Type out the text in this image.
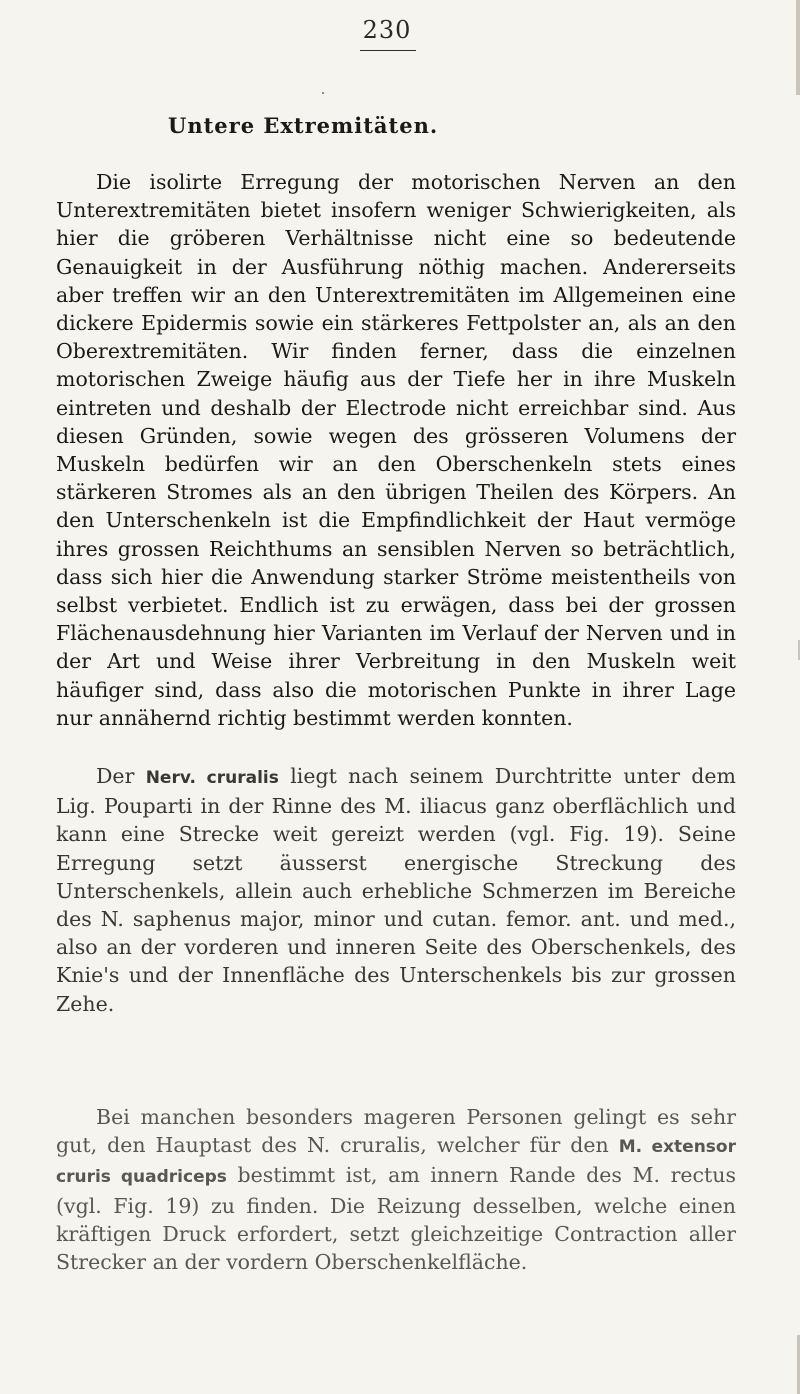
230
Untere Extremitäten.

Die isolirte Erregung der motorischen Nerven an den Unterextremitäten bietet insofern weniger Schwierigkeiten, als hier die gröberen Verhältnisse nicht eine so bedeutende Genauigkeit in der Ausführung nöthig machen. Andererseits aber treffen wir an den Unterextremitäten im Allgemeinen eine dickere Epidermis sowie ein stärkeres Fettpolster an, als an den Oberextremitäten. Wir finden ferner, dass die einzelnen motorischen Zweige häufig aus der Tiefe her in ihre Muskeln eintreten und deshalb der Electrode nicht erreichbar sind. Aus diesen Gründen, sowie wegen des grösseren Volumens der Muskeln bedürfen wir an den Oberschenkeln stets eines stärkeren Stromes als an den übrigen Theilen des Körpers. An den Unterschenkeln ist die Empfindlichkeit der Haut vermöge ihres grossen Reichthums an sensiblen Nerven so beträchtlich, dass sich hier die Anwendung starker Ströme meistentheils von selbst verbietet. Endlich ist zu erwägen, dass bei der grossen Flächenausdehnung hier Varianten im Verlauf der Nerven und in der Art und Weise ihrer Verbreitung in den Muskeln weit häufiger sind, dass also die motorischen Punkte in ihrer Lage nur annähernd richtig bestimmt werden konnten.

Der Nerv. cruralis liegt nach seinem Durchtritte unter dem Lig. Pouparti in der Rinne des M. iliacus ganz oberflächlich und kann eine Strecke weit gereizt werden (vgl. Fig. 19). Seine Erregung setzt äusserst energische Streckung des Unterschenkels, allein auch erhebliche Schmerzen im Bereiche des N. saphenus major, minor und cutan. femor. ant. und med., also an der vorderen und inneren Seite des Oberschenkels, des Knie's und der Innenfläche des Unterschenkels bis zur grossen Zehe.

Bei manchen besonders mageren Personen gelingt es sehr gut, den Hauptast des N. cruralis, welcher für den M. extensor cruris quadriceps bestimmt ist, am innern Rande des M. rectus (vgl. Fig. 19) zu finden. Die Reizung desselben, welche einen kräftigen Druck erfordert, setzt gleichzeitige Contraction aller Strecker an der vordern Oberschenkelfläche.
